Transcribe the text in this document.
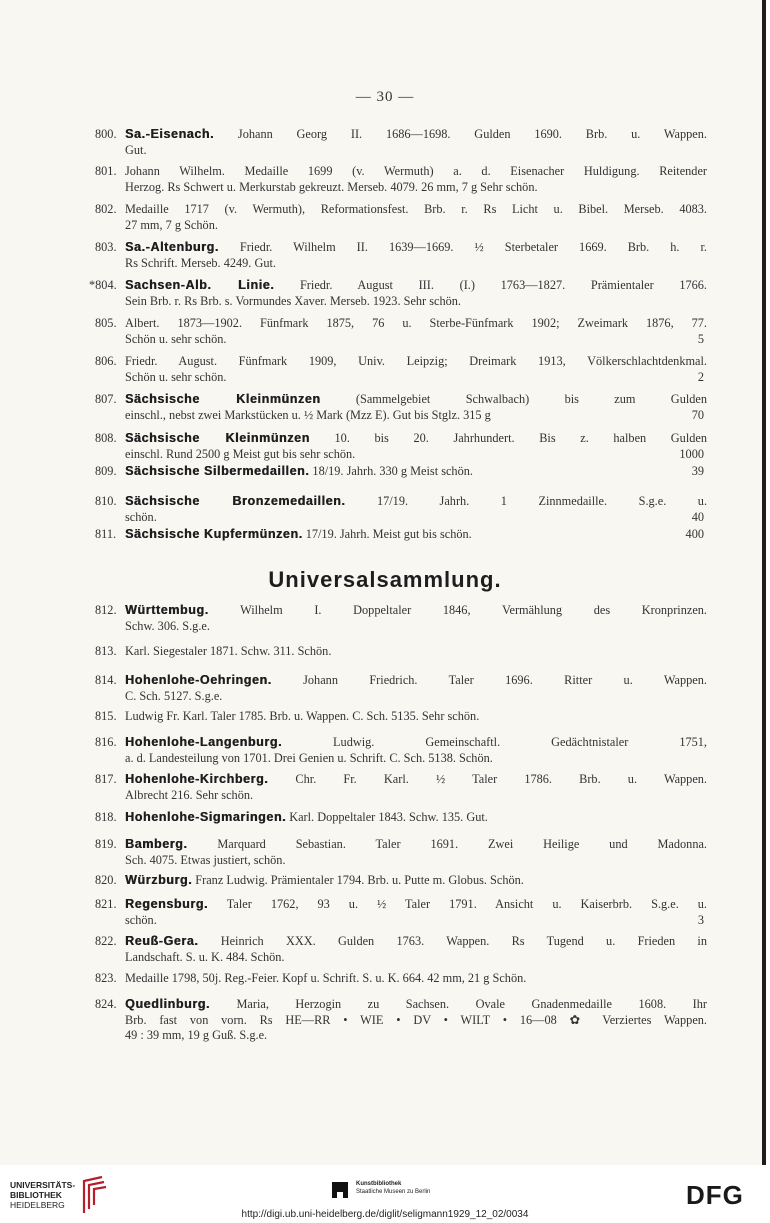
— 30 —
800. Sa.-Eisenach. Johann Georg II. 1686—1698. Gulden 1690. Brb. u. Wappen.
Gut.
801. Johann Wilhelm. Medaille 1699 (v. Wermuth) a. d. Eisenacher Huldigung. Reitender
Herzog. Rs Schwert u. Merkurstab gekreuzt. Merseb. 4079. 26 mm, 7 g Sehr schön.
802. Medaille 1717 (v. Wermuth), Reformationsfest. Brb. r. Rs Licht u. Bibel. Merseb. 4083.
27 mm, 7 g Schön.
803. Sa.-Altenburg. Friedr. Wilhelm II. 1639—1669. ½ Sterbetaler 1669. Brb. h. r.
Rs Schrift. Merseb. 4249. Gut.
*804. Sachsen-Alb. Linie. Friedr. August III. (I.) 1763—1827. Prämientaler 1766.
Sein Brb. r. Rs Brb. s. Vormundes Xaver. Merseb. 1923. Sehr schön.
805. Albert. 1873—1902. Fünfmark 1875, 76 u. Sterbe-Fünfmark 1902; Zweimark 1876, 77.
Schön u. sehr schön.	5
806. Friedr. August. Fünfmark 1909, Univ. Leipzig; Dreimark 1913, Völkerschlachtdenkmal.
Schön u. sehr schön.	2
807. Sächsische Kleinmünzen	(Sammelgebiet Schwalbach) bis zum Gulden
einschl., nebst zwei Markstücken u. ½ Mark (Mzz E). Gut bis Stglz. 315 g	70
808. Sächsische Kleinmünzen 10. bis 20. Jahrhundert. Bis z. halben Gulden
einschl. Rund 2500 g Meist gut bis sehr schön.	1000
809. Sächsische Silbermedaillen. 18/19. Jahrh. 330 g Meist schön.	39
810. Sächsische Bronzemedaillen.	17/19. Jahrh. 1 Zinnmedaille. S.g.e. u.
schön.	40
811. Sächsische Kupfermünzen. 17/19. Jahrh. Meist gut bis schön.	400
812. Württembug.	Wilhelm I. Doppeltaler 1846, Vermählung des Kronprinzen.
Schw. 306. S.g.e.
813. Karl. Siegestaler 1871. Schw. 311. Schön.
814. Hohenlohe-Oehringen.	Johann Friedrich. Taler 1696. Ritter u. Wappen.
C. Sch. 5127. S.g.e.
815. Ludwig Fr. Karl. Taler 1785. Brb. u. Wappen. C. Sch. 5135. Sehr schön.
816. Hohenlohe-Langenburg.	Ludwig. Gemeinschaftl. Gedächtnistaler 1751,
a. d. Landesteilung von 1701. Drei Genien u. Schrift. C. Sch. 5138. Schön.
817. Hohenlohe-Kirchberg. Chr. Fr. Karl. ½ Taler 1786. Brb. u. Wappen.
Albrecht 216. Sehr schön.
818. Hohenlohe-Sigmaringen. Karl. Doppeltaler 1843. Schw. 135. Gut.
819. Bamberg. Marquard Sebastian. Taler 1691. Zwei Heilige und Madonna.
Sch. 4075. Etwas justiert, schön.
820. Würzburg. Franz Ludwig. Prämientaler 1794. Brb. u. Putte m. Globus. Schön.
821. Regensburg. Taler 1762, 93 u. ½ Taler 1791. Ansicht u. Kaiserbrb. S.g.e. u.
schön.	3
822. Reuß-Gera. Heinrich XXX. Gulden 1763. Wappen. Rs Tugend u. Frieden in
Landschaft. S. u. K. 484. Schön.
823. Medaille 1798, 50j. Reg.-Feier. Kopf u. Schrift. S. u. K. 664. 42 mm, 21 g Schön.
824. Quedlinburg. Maria, Herzogin zu Sachsen. Ovale Gnadenmedaille 1608. Ihr
Brb. fast von vorn. Rs HE—RR • WIE • DV • WILT • 16—08 ✿ Verziertes Wappen.
49 : 39 mm, 19 g Guß. S.g.e.
Universalsammlung.
UNIVERSITÄTS-
BIBLIOTHEK
HEIDELBERG
Kunstbibliothek
Staatliche Museen zu Berlin	DFG
http://digi.ub.uni-heidelberg.de/diglit/seligmann1929_12_02/0034
